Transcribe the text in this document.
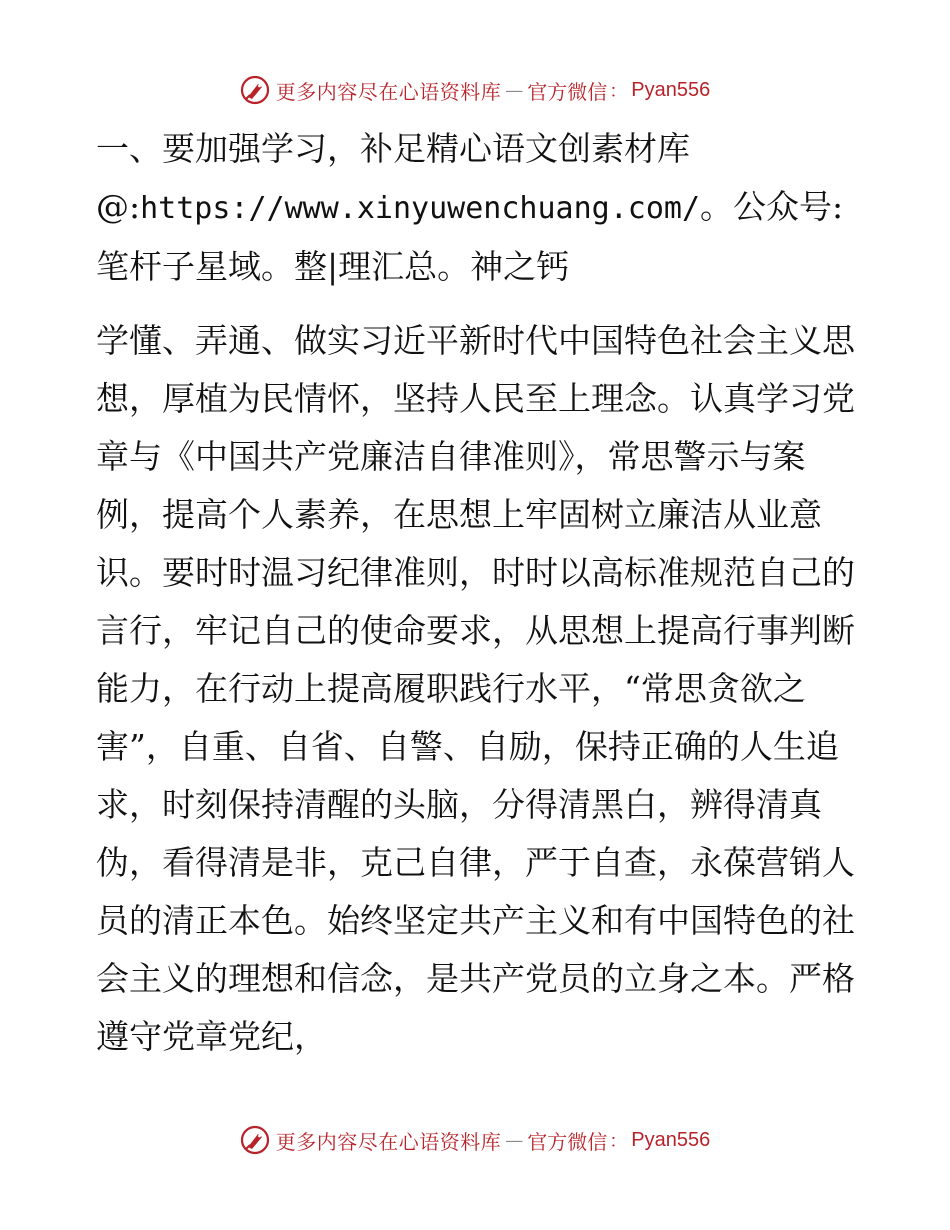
更多内容尽在心语资料库 — 官方微信 ： Pyan556

一、要加强学习，补足精心语文创素材库@:https://www.xinyuwenchuang.com/。公众号: 笔杆子星域。整|理汇总。神之钙

学懂、弄通、做实习近平新时代中国特色社会主义思想，厚植为民情怀，坚持人民至上理念。认真学习党章与《中国共产党廉洁自律准则》，常思警示与案例，提高个人素养，在思想上牢固树立廉洁从业意识。要时时温习纪律准则，时时以高标准规范自己的言行，牢记自己的使命要求，从思想上提高行事判断能力，在行动上提高履职践行水平，“常思贪欲之害”，自重、自省、自警、自励，保持正确的人生追求，时刻保持清醒的头脑，分得清黑白，辨得清真伪，看得清是非，克己自律，严于自查，永葆营销人员的清正本色。始终坚定共产主义和有中国特色的社会主义的理想和信念，是共产党员的立身之本。严格遵守党章党纪，

更多内容尽在心语资料库 — 官方微信 ： Pyan556
